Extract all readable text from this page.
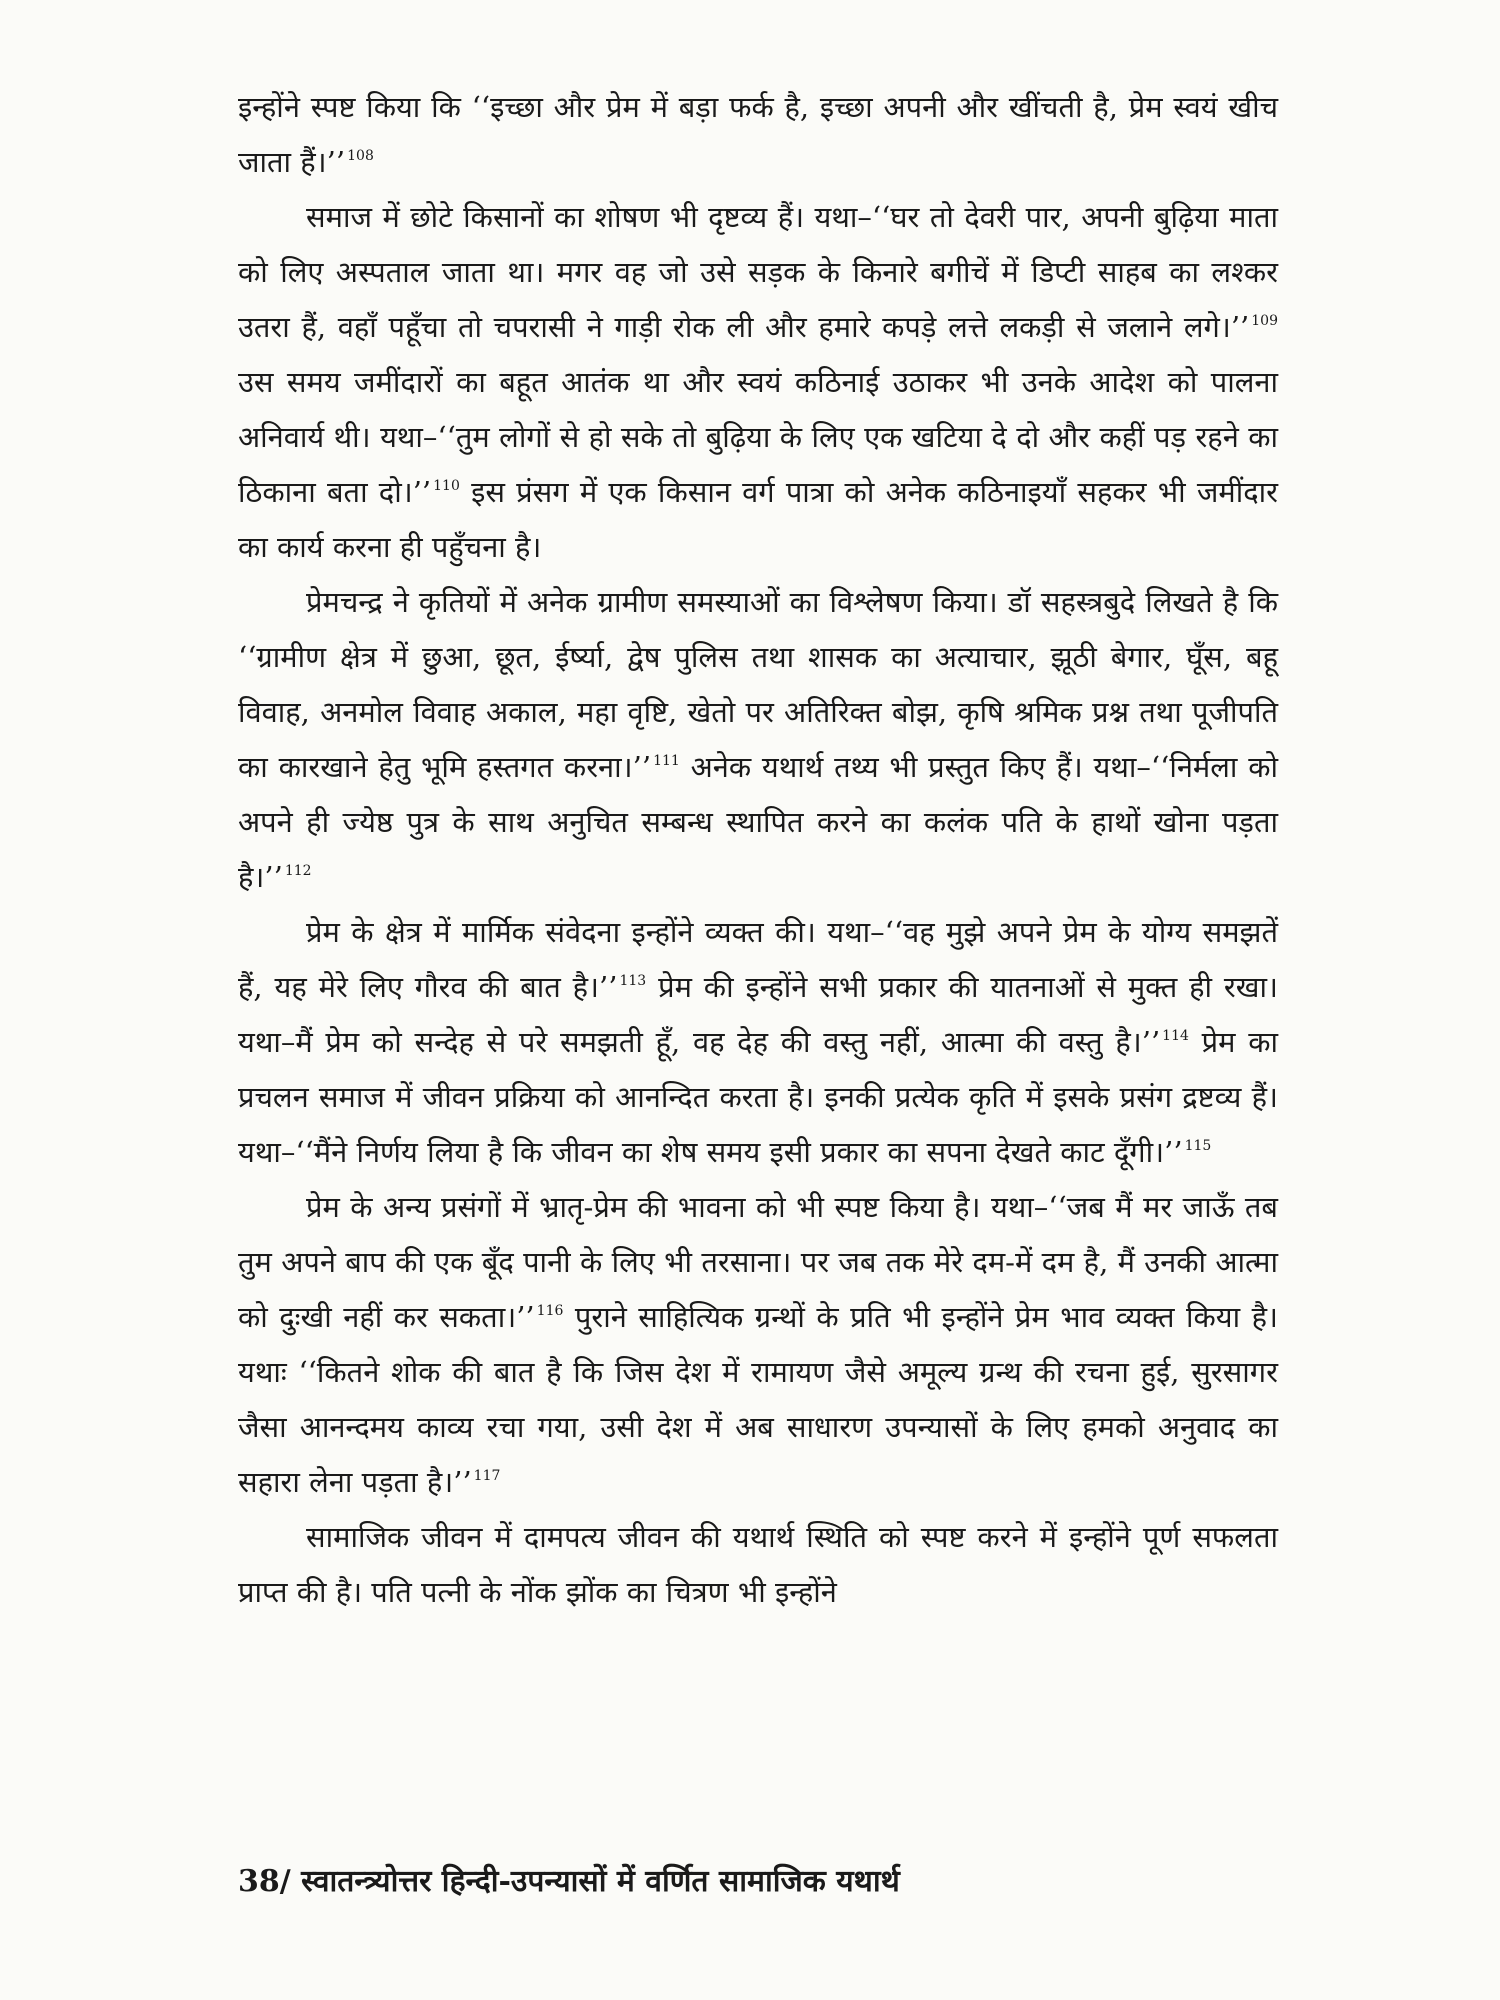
इन्होंने स्पष्ट किया कि ‘‘इच्छा और प्रेम में बड़ा फर्क है, इच्छा अपनी और खींचती है, प्रेम स्वयं खीच जाता हैं।’’ $^{108}$

समाज में छोटे किसानों का शोषण भी दृष्टव्य हैं। यथा–‘‘घर तो देवरी पार, अपनी बुढ़िया माता को लिए अस्पताल जाता था। मगर वह जो उसे सड़क के किनारे बगीचें में डिप्टी साहब का लश्कर उतरा हैं, वहाँ पहूँचा तो चपरासी ने गाड़ी रोक ली और हमारे कपड़े लत्ते लकड़ी से जलाने लगे।’’ $^{109}$ उस समय जमींदारों का बहूत आतंक था और स्वयं कठिनाई उठाकर भी उनके आदेश को पालना अनिवार्य थी। यथा–‘‘तुम लोगों से हो सके तो बुढ़िया के लिए एक खटिया दे दो और कहीं पड़ रहने का ठिकाना बता दो।’’ $^{110}$ इस प्रंसग में एक किसान वर्ग पात्रा को अनेक कठिनाइयाँ सहकर भी जमींदार का कार्य करना ही पहुँचना है।

प्रेमचन्द्र ने कृतियों में अनेक ग्रामीण समस्याओं का विश्लेषण किया। डॉ सहस्त्रबुदे लिखते है कि ‘‘ग्रामीण क्षेत्र में छुआ, छूत, ईर्ष्या, द्वेष पुलिस तथा शासक का अत्याचार, झूठी बेगार, घूँस, बहू विवाह, अनमोल विवाह अकाल, महा वृष्टि, खेतो पर अतिरिक्त बोझ, कृषि श्रमिक प्रश्न तथा पूजीपति का कारखाने हेतु भूमि हस्तगत करना।’’ $^{111}$ अनेक यथार्थ तथ्य भी प्रस्तुत किए हैं। यथा–‘‘निर्मला को अपने ही ज्येष्ठ पुत्र के साथ अनुचित सम्बन्ध स्थापित करने का कलंक पति के हाथों खोना पड़ता है।’’ $^{112}$

प्रेम के क्षेत्र में मार्मिक संवेदना इन्होंने व्यक्त की। यथा–‘‘वह मुझे अपने प्रेम के योग्य समझतें हैं, यह मेरे लिए गौरव की बात है।’’ $^{113}$ प्रेम की इन्होंने सभी प्रकार की यातनाओं से मुक्त ही रखा। यथा–मैं प्रेम को सन्देह से परे समझती हूँ, वह देह की वस्तु नहीं, आत्मा की वस्तु है।’’ $^{114}$ प्रेम का प्रचलन समाज में जीवन प्रक्रिया को आनन्दित करता है। इनकी प्रत्येक कृति में इसके प्रसंग द्रष्टव्य हैं। यथा–‘‘मैंने निर्णय लिया है कि जीवन का शेष समय इसी प्रकार का सपना देखते काट दूँगी।’’ $^{115}$

प्रेम के अन्य प्रसंगों में भ्रातृ-प्रेम की भावना को भी स्पष्ट किया है। यथा–‘‘जब मैं मर जाऊँ तब तुम अपने बाप की एक बूँद पानी के लिए भी तरसाना। पर जब तक मेरे दम-में दम है, मैं उनकी आत्मा को दुःखी नहीं कर सकता।’’ $^{116}$ पुराने साहित्यिक ग्रन्थों के प्रति भी इन्होंने प्रेम भाव व्यक्त किया है। यथाः ‘‘कितने शोक की बात है कि जिस देश में रामायण जैसे अमूल्य ग्रन्थ की रचना हुई, सुरसागर जैसा आनन्दमय काव्य रचा गया, उसी देश में अब साधारण उपन्यासों के लिए हमको अनुवाद का सहारा लेना पड़ता है।’’ $^{117}$

सामाजिक जीवन में दामपत्य जीवन की यथार्थ स्थिति को स्पष्ट करने में इन्होंने पूर्ण सफलता प्राप्त की है। पति पत्नी के नोंक झोंक का चित्रण भी इन्होंने

38/ स्वातन्त्र्योत्तर हिन्दी-उपन्यासों में वर्णित सामाजिक यथार्थ
